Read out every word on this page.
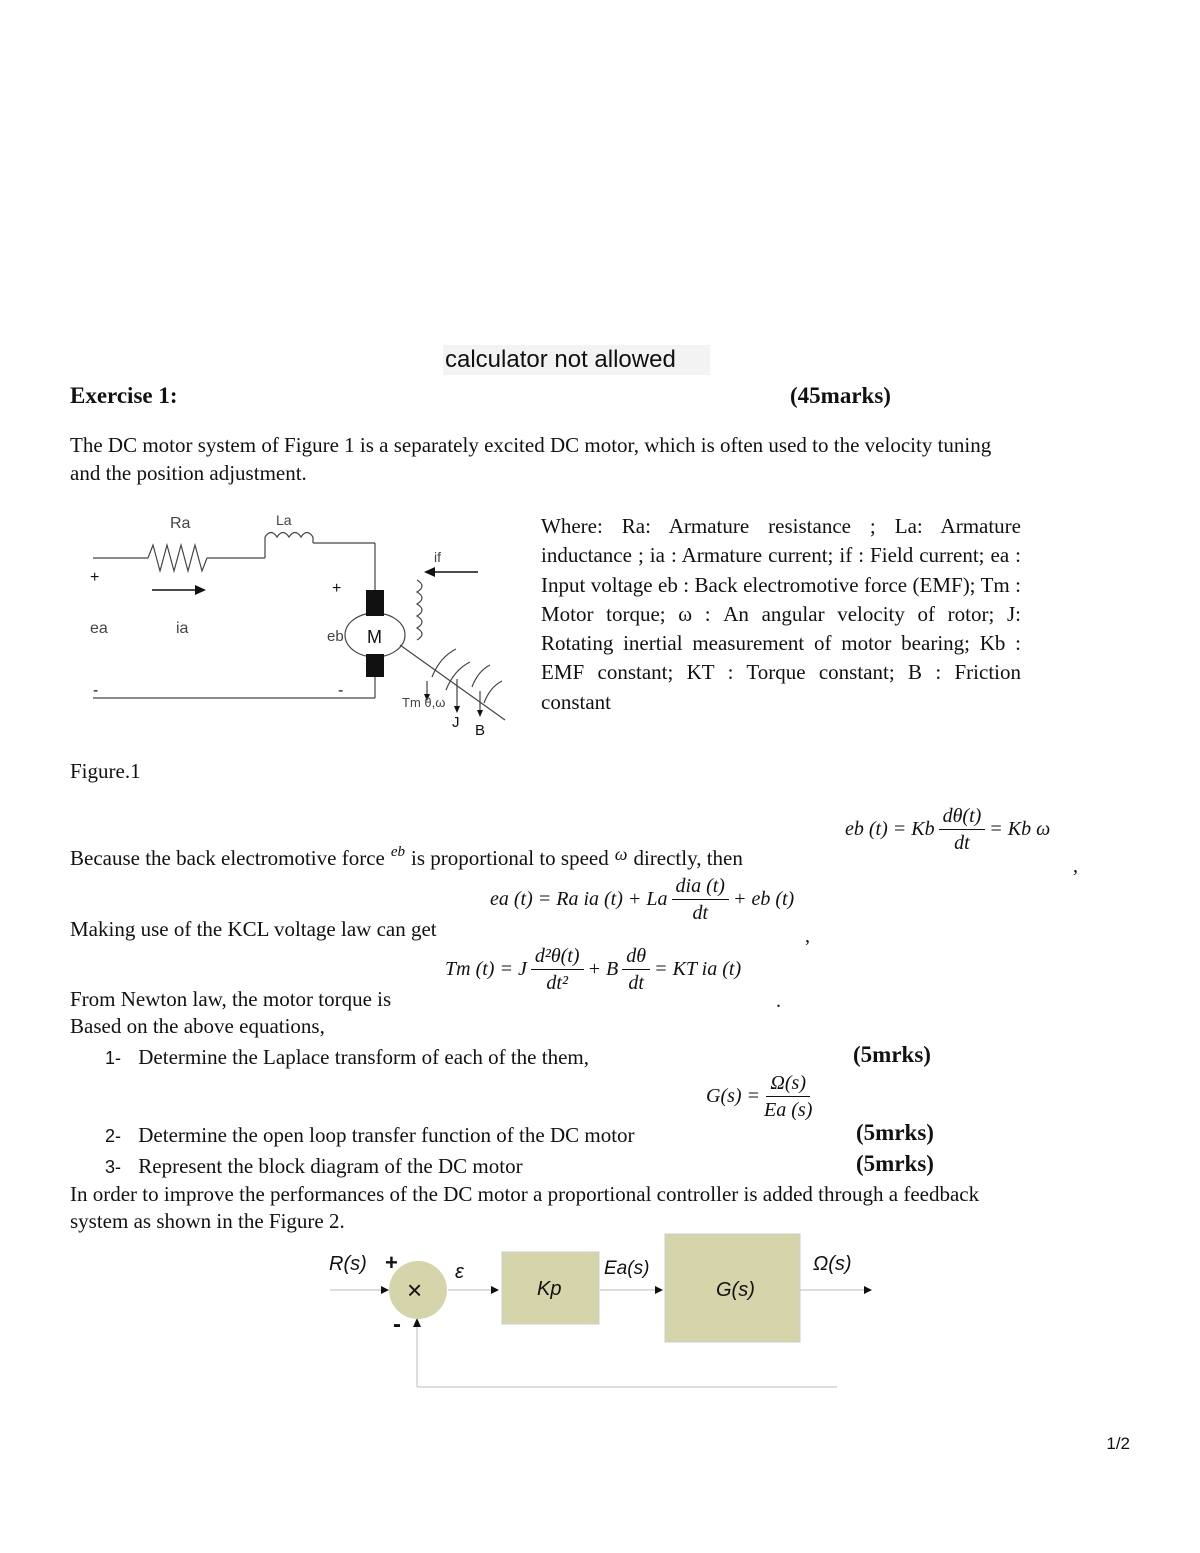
calculator not allowed
Exercise 1:	(45marks)
The DC motor system of Figure 1 is a separately excited DC motor, which is often used to the velocity tuning
and the position adjustment.
Ra	La
+
ea	ia
-
+
eb M
-
if
Tm θ,ω
J B
Where: Ra: Armature resistance ; La: Armature inductance ; ia : Armature current; if : Field current; ea : Input voltage eb : Back electromotive force (EMF); Tm : Motor torque; ω : An angular velocity of rotor; J: Rotating inertial measurement of motor bearing; Kb : EMF constant; KT : Torque constant; B : Friction constant
Figure.1
Because the back electromotive force eb is proportional to speed ω directly, then
eb (t) = Kb $\frac{d\theta(t)}{dt} = Kb$ ω
,
Making use of the KCL voltage law can get
ea (t) = Ra ia (t) + La $\frac{\text{dia (t)}}{dt}$ + eb (t)
,
From Newton law, the motor torque is
Tm (t) = J $\frac{\text{d²θ(t)}}{\text{dt²}} + B \frac{d\theta}{dt}$ = KT ia (t)
.
Based on the above equations,
1- Determine the Laplace transform of each of the them,	(5mrks)
$G(s) = \frac{\Omega(s)}{Ea (s)}$
2- Determine the open loop transfer function of the DC motor	(5mrks)
3- Represent the block diagram of the DC motor	(5mrks)
In order to improve the performances of the DC motor a proportional controller is added through a feedback
system as shown in the Figure 2.
R(s) +
-
×
ε
Kp
Ea(s)
G(s)
Ω(s)
1/2
